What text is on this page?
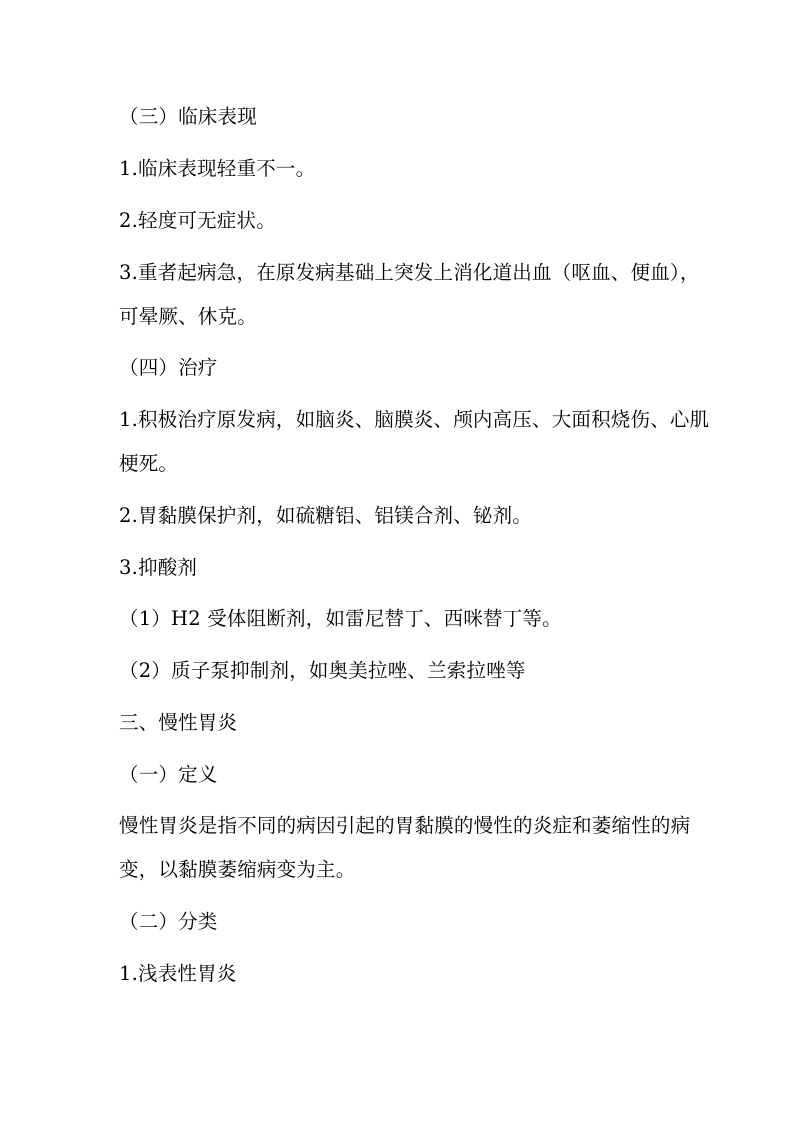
（三）临床表现
1.临床表现轻重不一。
2.轻度可无症状。
3.重者起病急，在原发病基础上突发上消化道出血（呕血、便血），
可晕厥、休克。
（四）治疗
1.积极治疗原发病，如脑炎、脑膜炎、颅内高压、大面积烧伤、心肌
梗死。
2.胃黏膜保护剂，如硫糖铝、铝镁合剂、铋剂。
3.抑酸剂
（1）H2 受体阻断剂，如雷尼替丁、西咪替丁等。
（2）质子泵抑制剂，如奥美拉唑、兰索拉唑等
三、慢性胃炎
（一）定义
慢性胃炎是指不同的病因引起的胃黏膜的慢性的炎症和萎缩性的病
变，以黏膜萎缩病变为主。
（二）分类
1.浅表性胃炎
